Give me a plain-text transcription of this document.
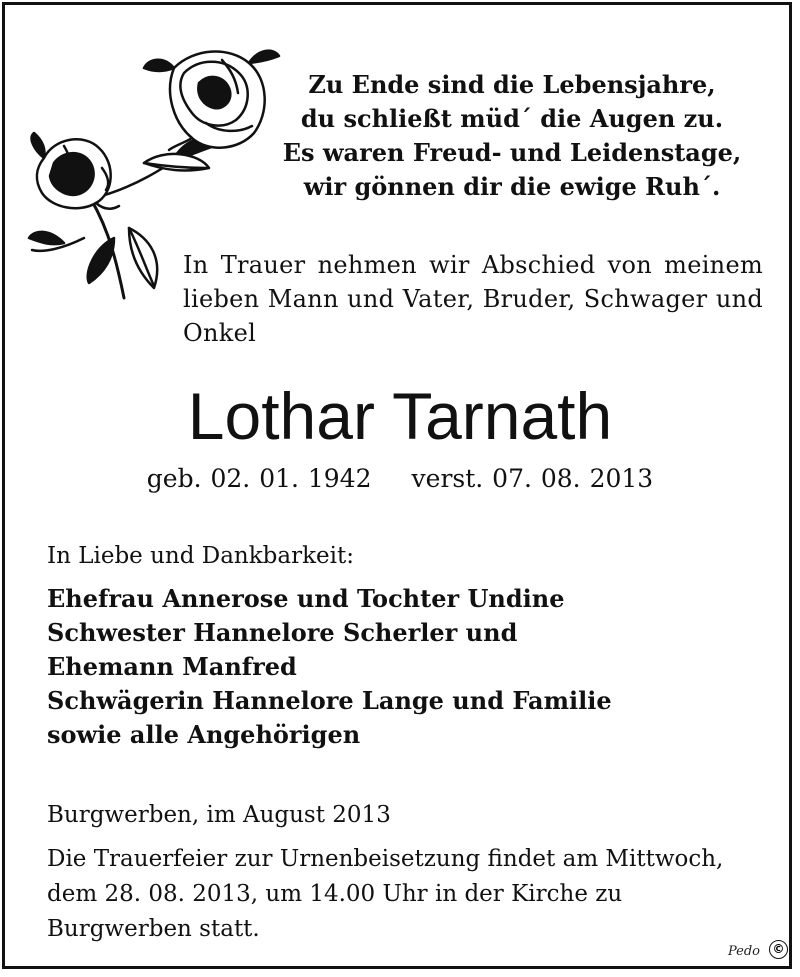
Zu Ende sind die Lebensjahre,
du schließt müd´ die Augen zu.
Es waren Freud- und Leidenstage,
wir gönnen dir die ewige Ruh´.
In Trauer nehmen wir Abschied von meinem lieben Mann und Vater, Bruder, Schwager und Onkel
Lothar Tarnath
geb. 02. 01. 1942 verst. 07. 08. 2013
In Liebe und Dankbarkeit:
Ehefrau Annerose und Tochter Undine
Schwester Hannelore Scherler und
Ehemann Manfred
Schwägerin Hannelore Lange und Familie
sowie alle Angehörigen
Burgwerben, im August 2013
Die Trauerfeier zur Urnenbeisetzung findet am Mittwoch,
dem 28. 08. 2013, um 14.00 Uhr in der Kirche zu
Burgwerben statt.
Pedo ©
